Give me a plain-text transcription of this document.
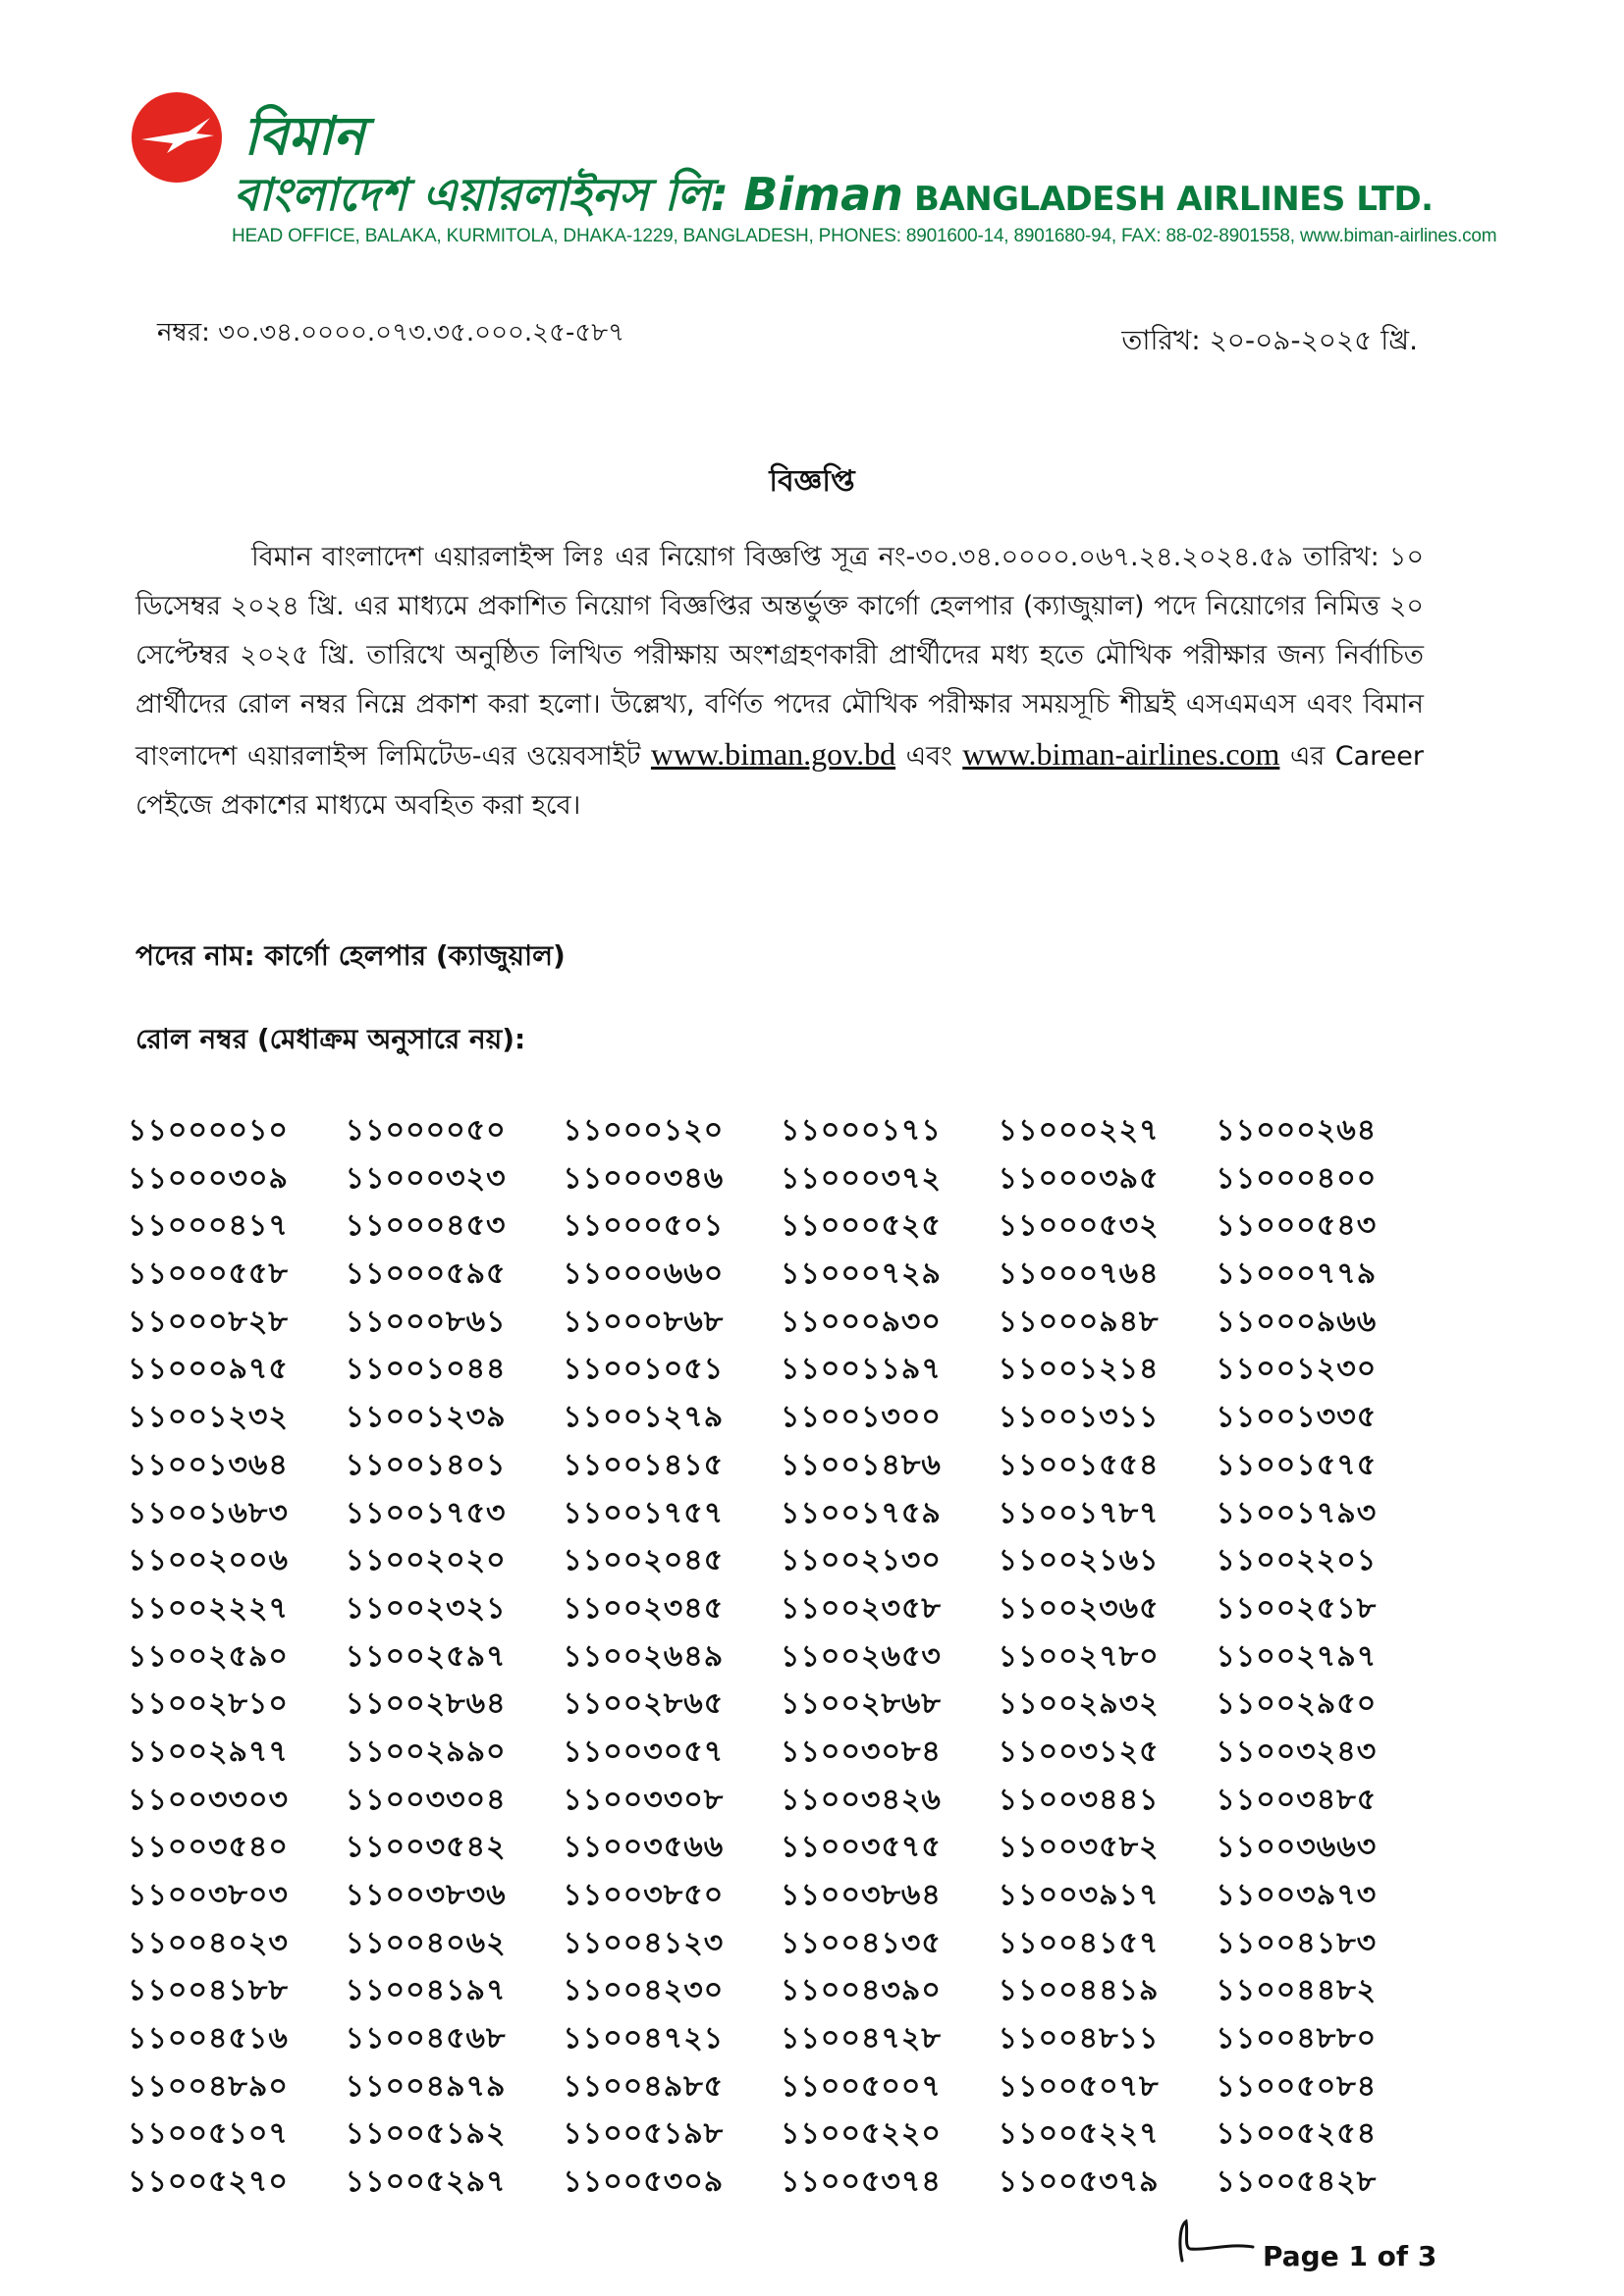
বিমান
বাংলাদেশ এয়ারলাইনস লি: Biman BANGLADESH AIRLINES LTD.
HEAD OFFICE, BALAKA, KURMITOLA, DHAKA-1229, BANGLADESH, PHONES: 8901600-14, 8901680-94, FAX: 88-02-8901558, www.biman-airlines.com
নম্বর: ৩০.৩৪.০০০০.০৭৩.৩৫.০০০.২৫-৫৮৭	তারিখ: ২০-০৯-২০২৫ খ্রি.
বিজ্ঞপ্তি
বিমান বাংলাদেশ এয়ারলাইন্স লিঃ এর নিয়োগ বিজ্ঞপ্তি সূত্র নং-৩০.৩৪.০০০০.০৬৭.২৪.২০২৪.৫৯ তারিখ: ১০ ডিসেম্বর ২০২৪ খ্রি. এর মাধ্যমে প্রকাশিত নিয়োগ বিজ্ঞপ্তির অন্তর্ভুক্ত কার্গো হেলপার (ক্যাজুয়াল) পদে নিয়োগের নিমিত্ত ২০ সেপ্টেম্বর ২০২৫ খ্রি. তারিখে অনুষ্ঠিত লিখিত পরীক্ষায় অংশগ্রহণকারী প্রার্থীদের মধ্য হতে মৌখিক পরীক্ষার জন্য নির্বাচিত প্রার্থীদের রোল নম্বর নিম্নে প্রকাশ করা হলো। উল্লেখ্য, বর্ণিত পদের মৌখিক পরীক্ষার সময়সূচি শীঘ্রই এসএমএস এবং বিমান বাংলাদেশ এয়ারলাইন্স লিমিটেড-এর ওয়েবসাইট www.biman.gov.bd এবং www.biman-airlines.com এর Career পেইজে প্রকাশের মাধ্যমে অবহিত করা হবে।
পদের নাম: কার্গো হেলপার (ক্যাজুয়াল)
রোল নম্বর (মেধাক্রম অনুসারে নয়):
১১০০০০১০	১১০০০০৫০	১১০০০১২০	১১০০০১৭১	১১০০০২২৭	১১০০০২৬৪
১১০০০৩০৯	১১০০০৩২৩	১১০০০৩৪৬	১১০০০৩৭২	১১০০০৩৯৫	১১০০০৪০০
১১০০০৪১৭	১১০০০৪৫৩	১১০০০৫০১	১১০০০৫২৫	১১০০০৫৩২	১১০০০৫৪৩
১১০০০৫৫৮	১১০০০৫৯৫	১১০০০৬৬০	১১০০০৭২৯	১১০০০৭৬৪	১১০০০৭৭৯
১১০০০৮২৮	১১০০০৮৬১	১১০০০৮৬৮	১১০০০৯৩০	১১০০০৯৪৮	১১০০০৯৬৬
১১০০০৯৭৫	১১০০১০৪৪	১১০০১০৫১	১১০০১১৯৭	১১০০১২১৪	১১০০১২৩০
১১০০১২৩২	১১০০১২৩৯	১১০০১২৭৯	১১০০১৩০০	১১০০১৩১১	১১০০১৩৩৫
১১০০১৩৬৪	১১০০১৪০১	১১০০১৪১৫	১১০০১৪৮৬	১১০০১৫৫৪	১১০০১৫৭৫
১১০০১৬৮৩	১১০০১৭৫৩	১১০০১৭৫৭	১১০০১৭৫৯	১১০০১৭৮৭	১১০০১৭৯৩
১১০০২০০৬	১১০০২০২০	১১০০২০৪৫	১১০০২১৩০	১১০০২১৬১	১১০০২২০১
১১০০২২২৭	১১০০২৩২১	১১০০২৩৪৫	১১০০২৩৫৮	১১০০২৩৬৫	১১০০২৫১৮
১১০০২৫৯০	১১০০২৫৯৭	১১০০২৬৪৯	১১০০২৬৫৩	১১০০২৭৮০	১১০০২৭৯৭
১১০০২৮১০	১১০০২৮৬৪	১১০০২৮৬৫	১১০০২৮৬৮	১১০০২৯৩২	১১০০২৯৫০
১১০০২৯৭৭	১১০০২৯৯০	১১০০৩০৫৭	১১০০৩০৮৪	১১০০৩১২৫	১১০০৩২৪৩
১১০০৩৩০৩	১১০০৩৩০৪	১১০০৩৩০৮	১১০০৩৪২৬	১১০০৩৪৪১	১১০০৩৪৮৫
১১০০৩৫৪০	১১০০৩৫৪২	১১০০৩৫৬৬	১১০০৩৫৭৫	১১০০৩৫৮২	১১০০৩৬৬৩
১১০০৩৮০৩	১১০০৩৮৩৬	১১০০৩৮৫০	১১০০৩৮৬৪	১১০০৩৯১৭	১১০০৩৯৭৩
১১০০৪০২৩	১১০০৪০৬২	১১০০৪১২৩	১১০০৪১৩৫	১১০০৪১৫৭	১১০০৪১৮৩
১১০০৪১৮৮	১১০০৪১৯৭	১১০০৪২৩০	১১০০৪৩৯০	১১০০৪৪১৯	১১০০৪৪৮২
১১০০৪৫১৬	১১০০৪৫৬৮	১১০০৪৭২১	১১০০৪৭২৮	১১০০৪৮১১	১১০০৪৮৮০
১১০০৪৮৯০	১১০০৪৯৭৯	১১০০৪৯৮৫	১১০০৫০০৭	১১০০৫০৭৮	১১০০৫০৮৪
১১০০৫১০৭	১১০০৫১৯২	১১০০৫১৯৮	১১০০৫২২০	১১০০৫২২৭	১১০০৫২৫৪
১১০০৫২৭০	১১০০৫২৯৭	১১০০৫৩০৯	১১০০৫৩৭৪	১১০০৫৩৭৯	১১০০৫৪২৮
Page 1 of 3
